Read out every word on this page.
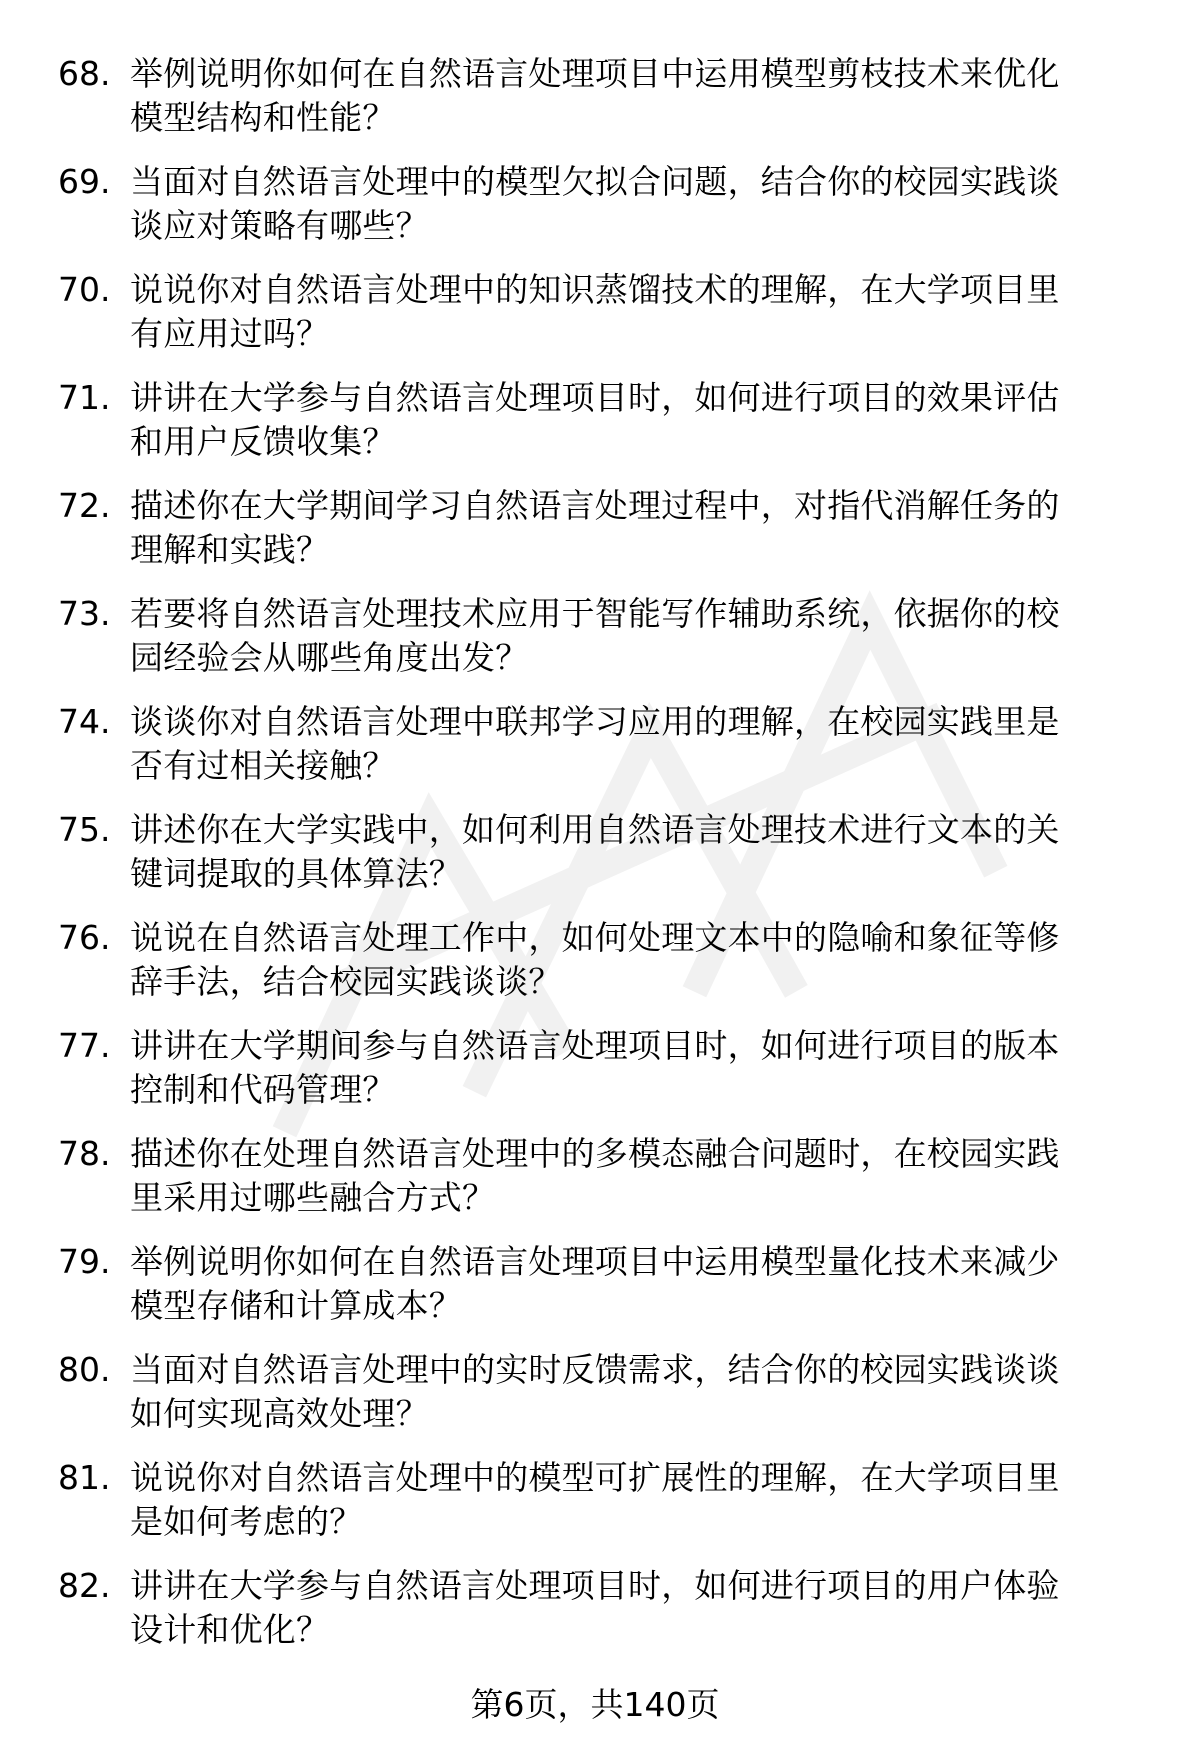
68. 举例说明你如何在自然语言处理项目中运用模型剪枝技术来优化
模型结构和性能？
69. 当面对自然语言处理中的模型欠拟合问题，结合你的校园实践谈
谈应对策略有哪些？
70. 说说你对自然语言处理中的知识蒸馏技术的理解，在大学项目里
有应用过吗？
71. 讲讲在大学参与自然语言处理项目时，如何进行项目的效果评估
和用户反馈收集？
72. 描述你在大学期间学习自然语言处理过程中，对指代消解任务的
理解和实践？
73. 若要将自然语言处理技术应用于智能写作辅助系统，依据你的校
园经验会从哪些角度出发？
74. 谈谈你对自然语言处理中联邦学习应用的理解，在校园实践里是
否有过相关接触？
75. 讲述你在大学实践中，如何利用自然语言处理技术进行文本的关
键词提取的具体算法？
76. 说说在自然语言处理工作中，如何处理文本中的隐喻和象征等修
辞手法，结合校园实践谈谈？
77. 讲讲在大学期间参与自然语言处理项目时，如何进行项目的版本
控制和代码管理？
78. 描述你在处理自然语言处理中的多模态融合问题时，在校园实践
里采用过哪些融合方式？
79. 举例说明你如何在自然语言处理项目中运用模型量化技术来减少
模型存储和计算成本？
80. 当面对自然语言处理中的实时反馈需求，结合你的校园实践谈谈
如何实现高效处理？
81. 说说你对自然语言处理中的模型可扩展性的理解，在大学项目里
是如何考虑的？
82. 讲讲在大学参与自然语言处理项目时，如何进行项目的用户体验
设计和优化？
第6页，共140页
